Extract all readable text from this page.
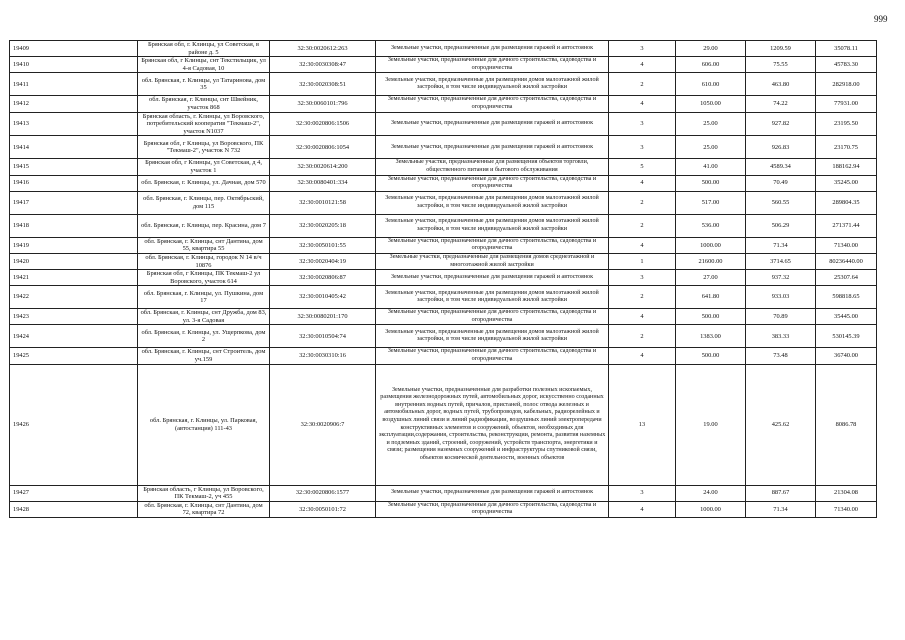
999
19409	Брянская обл, г. Клинцы, ул Советская, в районе д. 5	32:30:0020612:263	Земельные участки, предназначенные для размещения гаражей и автостоянок	3	29.00	1209.59	35078.11
19410	Брянская обл, г Клинцы, снт Текстильщик, ул 4-я Садовая, 10	32:30:0030308:47	Земельные участки, предназначенные для дачного строительства, садоводства и огородничества	4	606.00	75.55	45783.30
19411	обл. Брянская, г. Клинцы, ул Татаринова, дом 35	32:30:0020308:51	Земельные участки, предназначенные для размещения домов малоэтажной жилой застройки, в том числе индивидуальной жилой застройки	2	610.00	463.80	282918.00
19412	обл. Брянская, г. Клинцы, снт Швейник, участок 868	32:30:0060101:796	Земельные участки, предназначенные для дачного строительства, садоводства и огородничества	4	1050.00	74.22	77931.00
19413	Брянская область, г. Клинцы, ул Воровского, потребительский кооператив "Текмаш-2", участок N1037	32:30:0020806:1506	Земельные участки, предназначенные для размещения гаражей и автостоянок	3	25.00	927.82	23195.50
19414	Брянская обл, г Клинцы, ул Воровского, ПК "Текмаш-2", участок N 732	32:30:0020806:1054	Земельные участки, предназначенные для размещения гаражей и автостоянок	3	25.00	926.83	23170.75
19415	Брянская обл, г Клинцы, ул Советская, д 4, участок 1	32:30:0020614:200	Земельные участки, предназначенные для размещения объектов торговли, общественного питания и бытового обслуживания	5	41.00	4589.34	188162.94
19416	обл. Брянская, г. Клинцы, ул. Дачная, дом 570	32:30:0080401:334	Земельные участки, предназначенные для дачного строительства, садоводства и огородничества	4	500.00	70.49	35245.00
19417	обл. Брянская, г. Клинцы, пер. Октябрьский, дом 115	32:30:0010121:58	Земельные участки, предназначенные для размещения домов малоэтажной жилой застройки, в том числе индивидуальной жилой застройки	2	517.00	560.55	289804.35
19418	обл. Брянская, г. Клинцы, пер. Красина, дом 7	32:30:0020205:18	Земельные участки, предназначенные для размещения домов малоэтажной жилой застройки, в том числе индивидуальной жилой застройки	2	536.00	506.29	271371.44
19419	обл. Брянская, г. Клинцы, снт Дантина, дом 55, квартира 55	32:30:0050101:55	Земельные участки, предназначенные для дачного строительства, садоводства и огородничества	4	1000.00	71.34	71340.00
19420	обл. Брянская, г. Клинцы, городок N 14 в/ч 10876	32:30:0020404:19	Земельные участки, предназначенные для размещения домов среднеэтажной и многоэтажной жилой застройки	1	21600.00	3714.65	80236440.00
19421	Брянская обл, г Клинцы, ПК Текмаш-2 ул Воровского, участок 614	32:30:0020806:87	Земельные участки, предназначенные для размещения гаражей и автостоянок	3	27.00	937.32	25307.64
19422	обл. Брянская, г. Клинцы, ул. Пушкина, дом 17	32:30:0010405:42	Земельные участки, предназначенные для размещения домов малоэтажной жилой застройки, в том числе индивидуальной жилой застройки	2	641.80	933.03	598818.65
19423	обл. Брянская, г. Клинцы, снт Дружба, дом 83, ул. 3-я Садовая	32:30:0080201:170	Земельные участки, предназначенные для дачного строительства, садоводства и огородничества	4	500.00	70.89	35445.00
19424	обл. Брянская, г. Клинцы, ул. Ущерпкова, дом 2	32:30:0010504:74	Земельные участки, предназначенные для размещения домов малоэтажной жилой застройки, в том числе индивидуальной жилой застройки	2	1383.00	383.33	530145.39
19425	обл. Брянская, г. Клинцы, снт Строитель, дом уч.159	32:30:0030310:16	Земельные участки, предназначенные для дачного строительства, садоводства и огородничества	4	500.00	73.48	36740.00
19426	обл. Брянская, г. Клинцы, ул. Парковая, (автостанция) 111-43	32:30:0020906:7	Земельные участки, предназначенные для разработки полезных ископаемых, размещения железнодорожных путей, автомобильных дорог, искусственно созданных внутренних водных путей, причалов, пристаней, полос отвода железных и автомобильных дорог, водных путей, трубопроводов, кабельных, радиорелейных и воздушных линий связи и линий радиофикации, воздушных линий электропередачи конструктивных элементов и сооружений, объектов, необходимых для эксплуатации,содержания, строительства, реконструкции, ремонта, развития наземных и подземных зданий, строений, сооружений, устройств транспорта, энергетики и связи; размещения наземных сооружений и инфраструктуры спутниковой связи, объектов космической деятельности, военных объектов	13	19.00	425.62	8086.78
19427	Брянская область, г Клинцы, ул Воровского, ПК Текмаш-2, уч 455	32:30:0020806:1577	Земельные участки, предназначенные для размещения гаражей и автостоянок	3	24.00	887.67	21304.08
19428	обл. Брянская, г. Клинцы, снт Дантина, дом 72, квартира 72	32:30:0050101:72	Земельные участки, предназначенные для дачного строительства, садоводства и огородничества	4	1000.00	71.34	71340.00
